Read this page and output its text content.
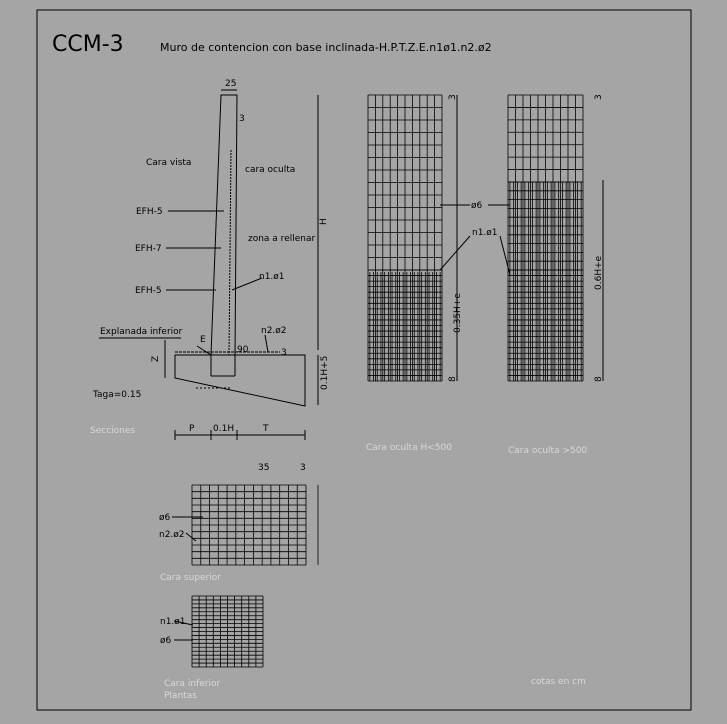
CCM-3	Muro de contencion con base inclinada-H.P.T.Z.E.n1ø1.n2.ø2
25
3
Cara vista
cara oculta
EFH-5
EFH-7
EFH-5
zona a rellenar
n1.ø1
n2.ø2
Explanada inferior
E
90	3
H
Z	0.1H+5
Taga=0.15
P 0.1H	T
Secciones
3
8
ø6
n1.ø1
0.35H+e
Cara oculta H<500
3
8
0.6H+e
Cara oculta >500
35	3
ø6
n2.ø2
Cara superior
n1.ø1
ø6
Cara inferior
Plantas
cotas en cm
